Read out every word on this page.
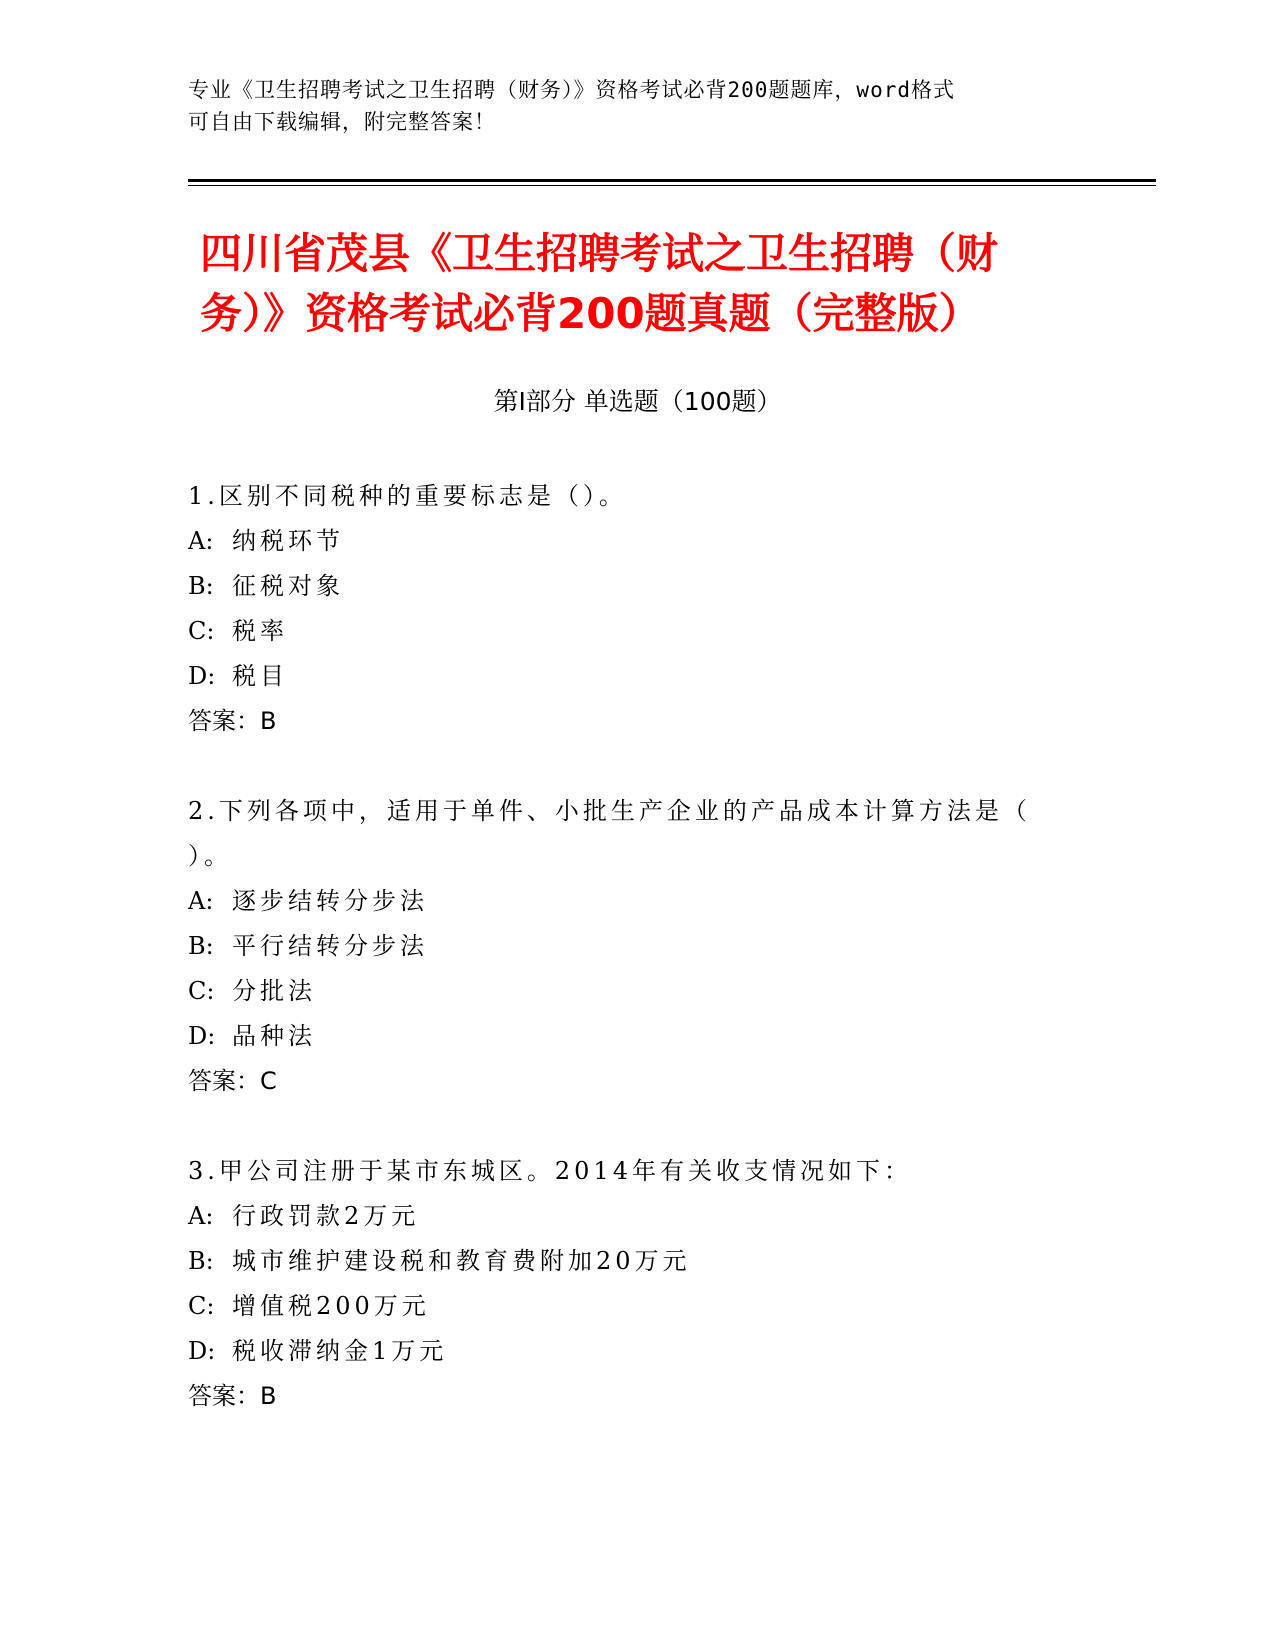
专业《卫生招聘考试之卫生招聘（财务）》资格考试必背200题题库，word格式
可自由下载编辑，附完整答案！
四川省茂县《卫生招聘考试之卫生招聘（财
务）》资格考试必背200题真题（完整版）
第Ⅰ部分 单选题（100题）

1.区别不同税种的重要标志是（）。

A: 纳税环节

B: 征税对象

C: 税率

D: 税目

答案：B

2.下列各项中，适用于单件、小批生产企业的产品成本计算方法是（

）。

A: 逐步结转分步法

B: 平行结转分步法

C: 分批法

D: 品种法

答案：C

3.甲公司注册于某市东城区。2014年有关收支情况如下：

A: 行政罚款2万元

B: 城市维护建设税和教育费附加20万元

C: 增值税200万元

D: 税收滞纳金1万元

答案：B
